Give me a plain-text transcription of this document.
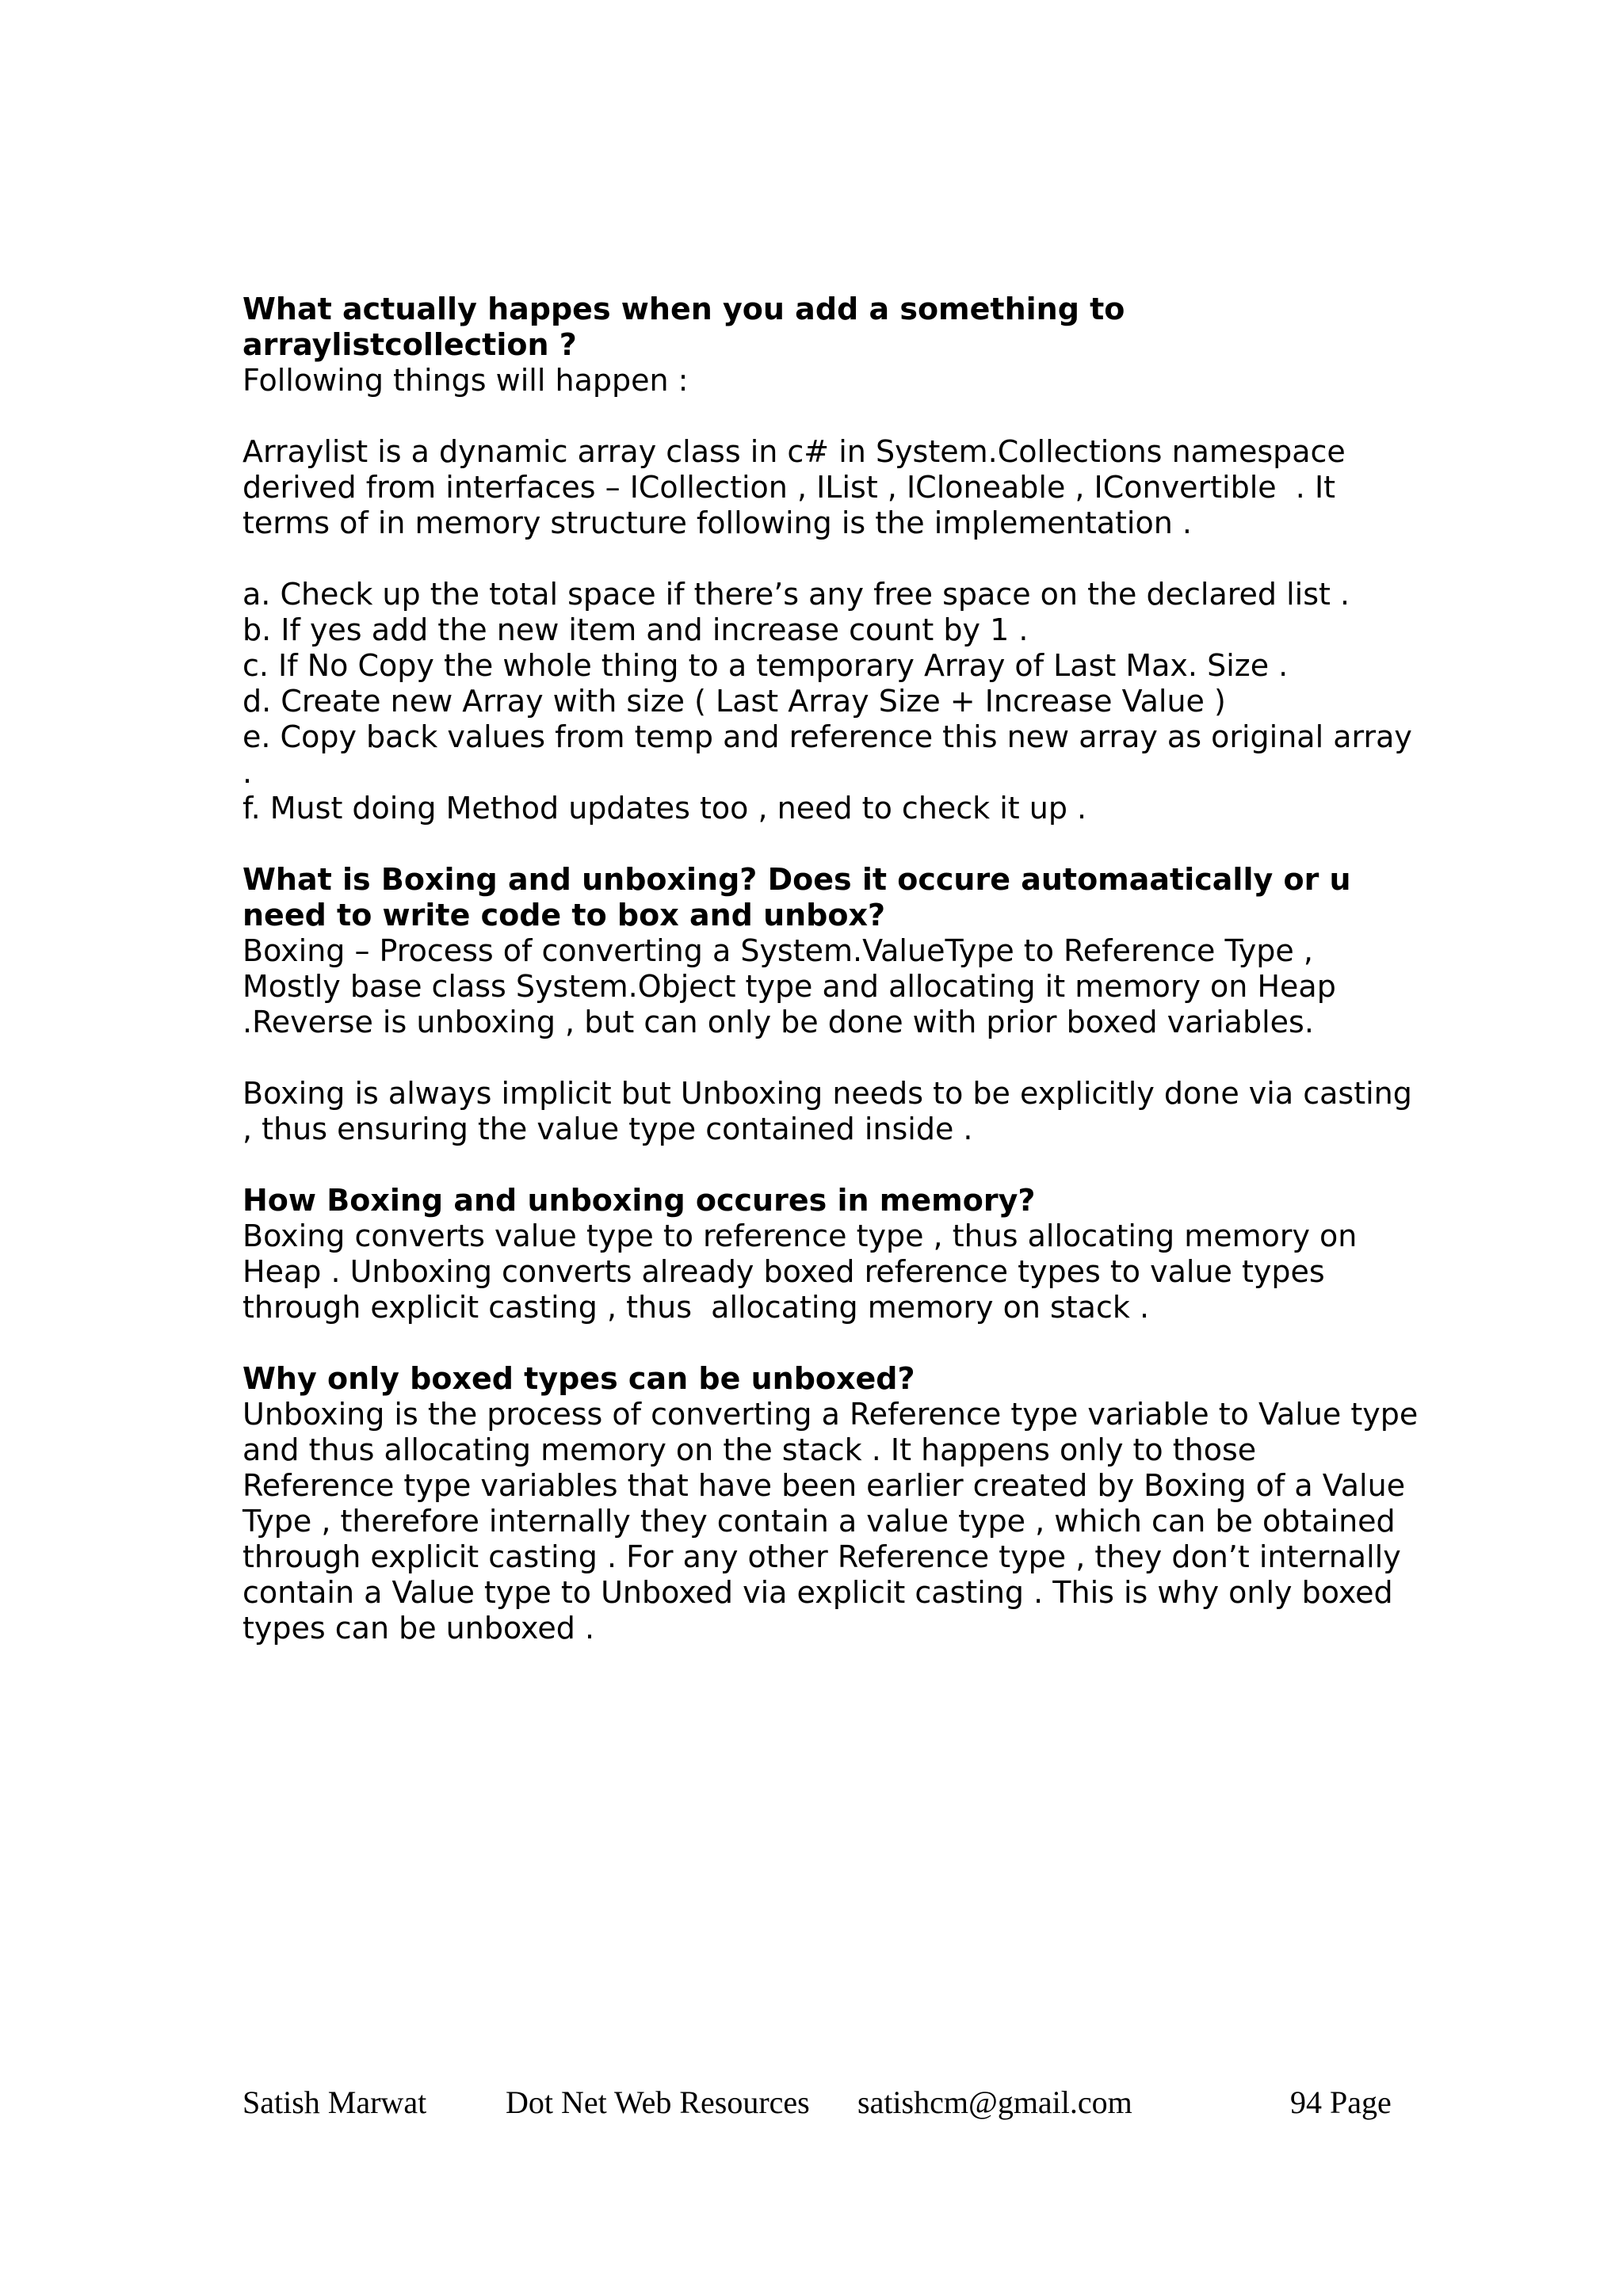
What actually happes when you add a something to
arraylistcollection ?
Following things will happen :
Arraylist is a dynamic array class in c# in System.Collections namespace
derived from interfaces – ICollection , IList , ICloneable , IConvertible  . It
terms of in memory structure following is the implementation .
a. Check up the total space if there’s any free space on the declared list .
b. If yes add the new item and increase count by 1 .
c. If No Copy the whole thing to a temporary Array of Last Max. Size .
d. Create new Array with size ( Last Array Size + Increase Value )
e. Copy back values from temp and reference this new array as original array
.
f. Must doing Method updates too , need to check it up .
What is Boxing and unboxing? Does it occure automaatically or u
need to write code to box and unbox?
Boxing – Process of converting a System.ValueType to Reference Type ,
Mostly base class System.Object type and allocating it memory on Heap
.Reverse is unboxing , but can only be done with prior boxed variables.
Boxing is always implicit but Unboxing needs to be explicitly done via casting
, thus ensuring the value type contained inside .
How Boxing and unboxing occures in memory?
Boxing converts value type to reference type , thus allocating memory on
Heap . Unboxing converts already boxed reference types to value types
through explicit casting , thus  allocating memory on stack .
Why only boxed types can be unboxed?
Unboxing is the process of converting a Reference type variable to Value type
and thus allocating memory on the stack . It happens only to those
Reference type variables that have been earlier created by Boxing of a Value
Type , therefore internally they contain a value type , which can be obtained
through explicit casting . For any other Reference type , they don’t internally
contain a Value type to Unboxed via explicit casting . This is why only boxed
types can be unboxed .
Satish Marwat Dot Net Web Resources satishcm@gmail.com	94 Page
